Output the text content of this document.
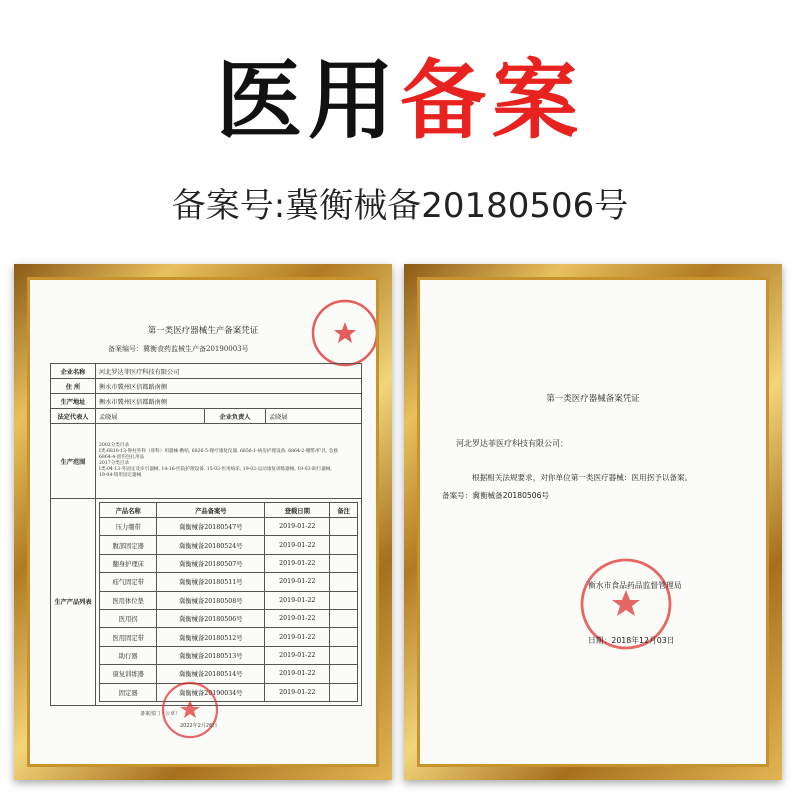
医用备案
备案号:冀衡械备20180506号
第一类医疗器械生产备案凭证
备案编号：冀衡食药监械生产备20190003号
企业名称	河北罗达菲医疗科技有限公司
住 所	衡水市冀州区信都路南侧
生产地址	衡水市冀州区信都路南侧
法定代表人	孟晓展	企业负责人	孟晓展
生产范围	
2002分类目录
Ⅰ类:6810-13-脊柱外科（骨科）用器械-敷贴, 6826-5-理疗康复仪器, 6856-1-病房护理设备, 6864-2-绷带/护具, 急救
6864-4-创伤包扎用品
2017分类目录
Ⅰ类:04-13-外固定及牵引器械, 14-16-医院护理设备, 15-03-医用病床, 19-02-运动康复训练器械, 19-03-助行器械,
19-04-矫形固定器械

生产产品列表	
产品名称	产品备案号	登载日期	备注
压力绷带	冀衡械备20180547号	2019-01-22	
腹部固定器	冀衡械备20180524号	2019-01-22	
翻身护理床	冀衡械备20180507号	2019-01-22	
疝气固定带	冀衡械备20180511号	2019-01-22	
医用体位垫	冀衡械备20180508号	2019-01-22	
医用拐	冀衡械备20180506号	2019-01-22	
医用固定带	冀衡械备20180512号	2019-01-22	
助行器	冀衡械备20180513号	2019-01-22	
康复训练器	冀衡械备20180514号	2019-01-22	
固定器	冀衡械备20190034号	2019-01-22	
备案部门（公章）
2022年2月26日
第一类医疗器械备案凭证
河北罗达菲医疗科技有限公司：
根据相关法规要求，对你单位第一类医疗器械：医用拐予以备案。
备案号：冀衡械备20180506号
衡水市食品药品监督管理局
日期：2018年12月03日
